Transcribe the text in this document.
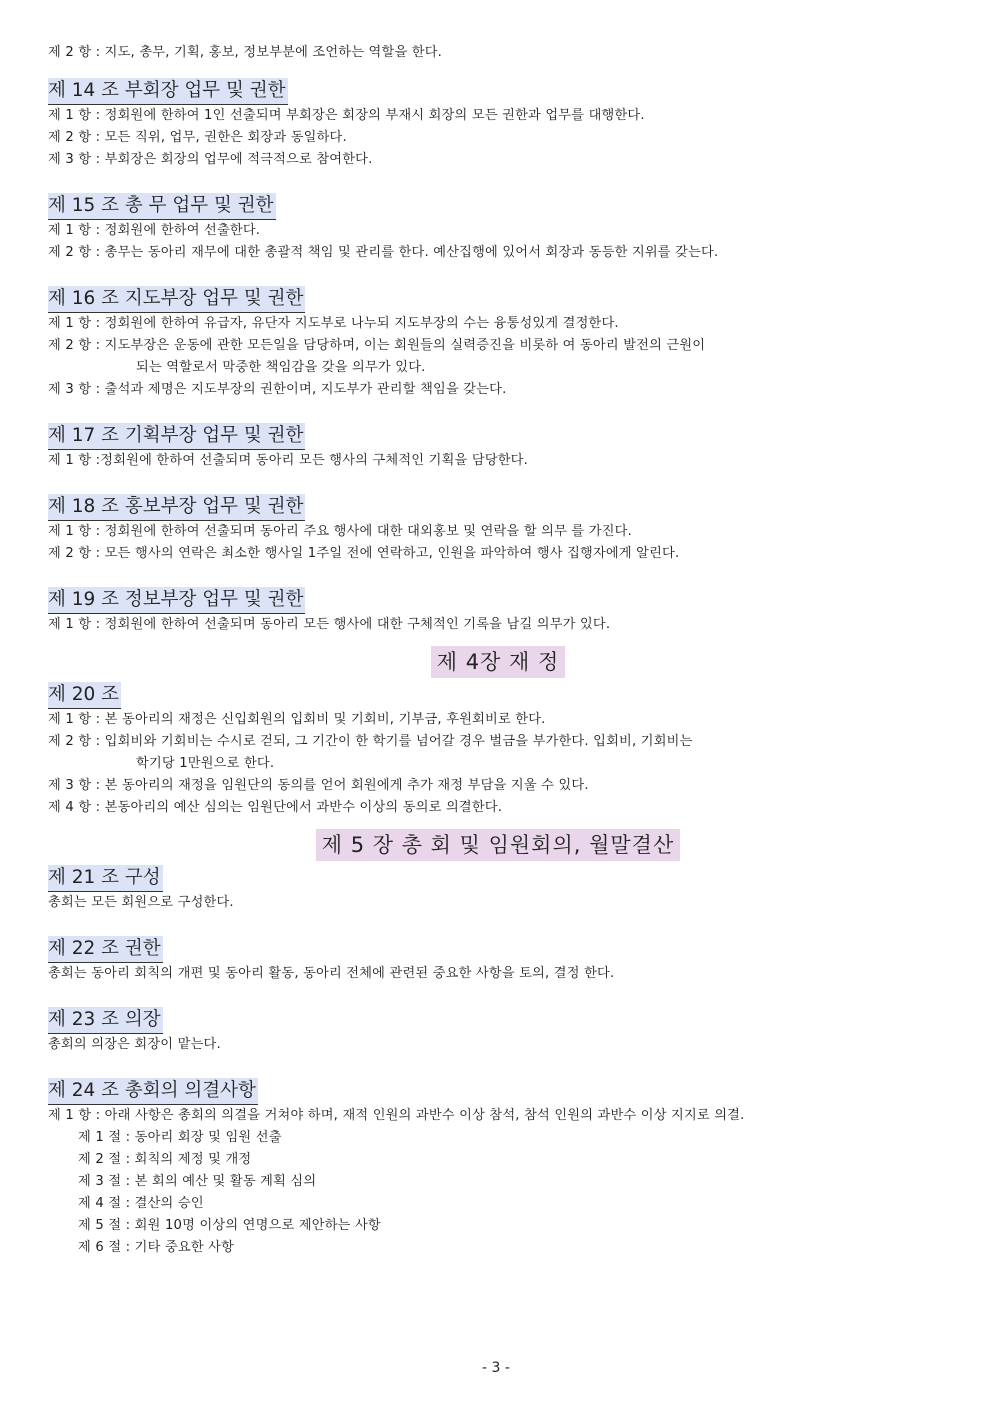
제 2 항 : 지도, 총무, 기획, 홍보, 정보부분에 조언하는 역할을 한다.
제 14 조 부회장 업무 및 권한
제 1 항 : 정회원에 한하여 1인 선출되며 부회장은 회장의 부재시 회장의 모든 권한과 업무를 대행한다.
제 2 항 : 모든 직위, 업무, 권한은 회장과 동일하다.
제 3 항 : 부회장은 회장의 업무에 적극적으로 참여한다.
제 15 조 총 무 업무 및 권한
제 1 항 : 정회원에 한하여 선출한다.
제 2 항 : 총무는 동아리 재무에 대한 총괄적 책임 및 관리를 한다. 예산집행에 있어서 회장과 동등한 지위를 갖는다.
제 16 조 지도부장 업무 및 권한
제 1 항 : 정회원에 한하여 유급자, 유단자 지도부로 나누되 지도부장의 수는 융통성있게 결정한다.
제 2 항 : 지도부장은 운동에 관한 모든일을 담당하며, 이는 회원들의 실력증진을 비롯하 여 동아리 발전의 근원이
되는 역할로서 막중한 책임감을 갖을 의무가 있다.
제 3 항 : 출석과 제명은 지도부장의 권한이며, 지도부가 관리할 책임을 갖는다.
제 17 조 기획부장 업무 및 권한
제 1 항 :정회원에 한하여 선출되며 동아리 모든 행사의 구체적인 기획을 담당한다.
제 18 조 홍보부장 업무 및 권한
제 1 항 : 정회원에 한하여 선출되며 동아리 주요 행사에 대한 대외홍보 및 연락을 할 의무 를 가진다.
제 2 항 : 모든 행사의 연락은 최소한 행사일 1주일 전에 연락하고, 인원을 파악하여 행사 집행자에게 알린다.
제 19 조 정보부장 업무 및 권한
제 1 항 : 정회원에 한하여 선출되며 동아리 모든 행사에 대한 구체적인 기록을 남길 의무가 있다.
제 4장 재 정
제 20 조
제 1 항 : 본 동아리의 재정은 신입회원의 입회비 및 기회비, 기부금, 후원회비로 한다.
제 2 항 : 입회비와 기회비는 수시로 걷되, 그 기간이 한 학기를 넘어갈 경우 벌금을 부가한다. 입회비, 기회비는
학기당 1만원으로 한다.
제 3 항 : 본 동아리의 재정을 임원단의 동의를 얻어 회원에게 추가 재정 부담을 지울 수 있다.
제 4 항 : 본동아리의 예산 심의는 임원단에서 과반수 이상의 동의로 의결한다.
제 5 장 총 회 및 임원회의, 월말결산
제 21 조 구성
총회는 모든 회원으로 구성한다.
제 22 조 권한
총회는 동아리 회칙의 개편 및 동아리 활동, 동아리 전체에 관련된 중요한 사항을 토의, 결정 한다.
제 23 조 의장
총회의 의장은 회장이 맡는다.
제 24 조 총회의 의결사항
제 1 항 : 아래 사항은 총회의 의결을 거쳐야 하며, 재적 인원의 과반수 이상 참석, 참석 인원의 과반수 이상 지지로 의결.
제 1 절 : 동아리 회장 및 임원 선출
제 2 절 : 회칙의 제정 및 개정
제 3 절 : 본 회의 예산 및 활동 계획 심의
제 4 절 : 결산의 승인
제 5 절 : 회원 10명 이상의 연명으로 제안하는 사항
제 6 절 : 기타 중요한 사항
- 3 -
